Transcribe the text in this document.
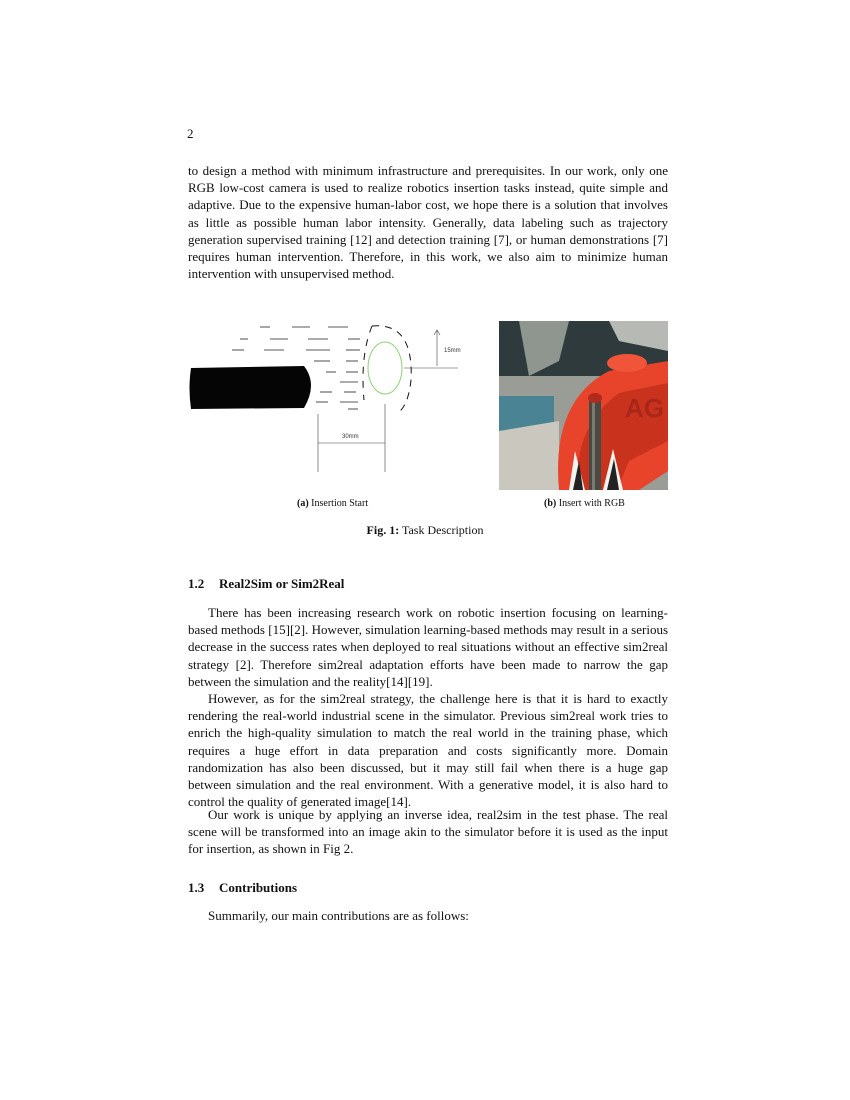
2

to design a method with minimum infrastructure and prerequisites. In our work, only one RGB low-cost camera is used to realize robotics insertion tasks instead, quite simple and adaptive. Due to the expensive human-labor cost, we hope there is a solution that involves as little as possible human labor intensity. Generally, data labeling such as trajectory generation supervised training [12] and detection training [7], or human demonstrations [7] requires human intervention. Therefore, in this work, we also aim to minimize human intervention with unsupervised method.

15mm
30mm
AG
(a) Insertion Start	(b) Insert with RGB
Fig. 1: Task Description
1.2 Real2Sim or Sim2Real

There has been increasing research work on robotic insertion focusing on learning-based methods [15][2]. However, simulation learning-based methods may result in a serious decrease in the success rates when deployed to real situations without an effective sim2real strategy [2]. Therefore sim2real adaptation efforts have been made to narrow the gap between the simulation and the reality[14][19].

However, as for the sim2real strategy, the challenge here is that it is hard to exactly rendering the real-world industrial scene in the simulator. Previous sim2real work tries to enrich the high-quality simulation to match the real world in the training phase, which requires a huge effort in data preparation and costs significantly more. Domain randomization has also been discussed, but it may still fail when there is a huge gap between simulation and the real environment. With a generative model, it is also hard to control the quality of generated image[14].

Our work is unique by applying an inverse idea, real2sim in the test phase. The real scene will be transformed into an image akin to the simulator before it is used as the input for insertion, as shown in Fig 2.

1.3 Contributions

Summarily, our main contributions are as follows:
